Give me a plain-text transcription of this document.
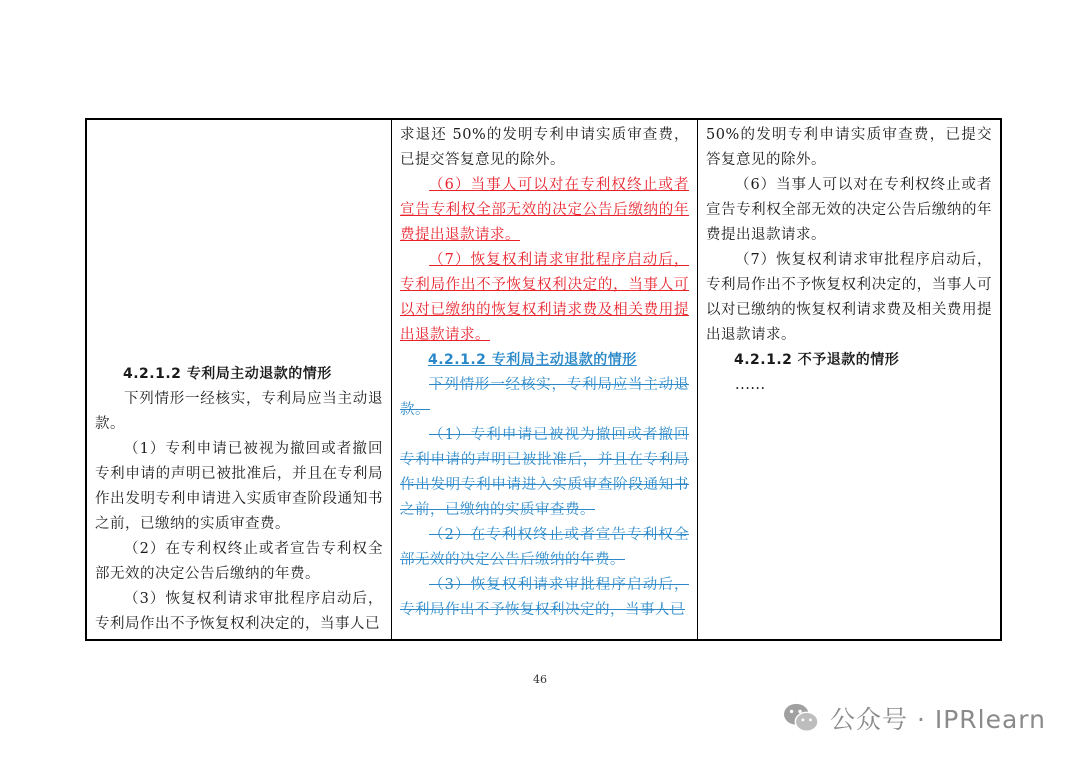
4.2.1.2 专利局主动退款的情形

下列情形一经核实，专利局应当主动退款。

（1）专利申请已被视为撤回或者撤回专利申请的声明已被批准后，并且在专利局作出发明专利申请进入实质审查阶段通知书之前，已缴纳的实质审查费。

（2）在专利权终止或者宣告专利权全部无效的决定公告后缴纳的年费。

（3）恢复权利请求审批程序启动后，专利局作出不予恢复权利决定的，当事人已

求退还 50%的发明专利申请实质审查费，已提交答复意见的除外。

（6）当事人可以对在专利权终止或者宣告专利权全部无效的决定公告后缴纳的年费提出退款请求。

（7）恢复权利请求审批程序启动后，专利局作出不予恢复权利决定的，当事人可以对已缴纳的恢复权利请求费及相关费用提出退款请求。

4.2.1.2 专利局主动退款的情形

下列情形一经核实，专利局应当主动退款。

（1）专利申请已被视为撤回或者撤回专利申请的声明已被批准后，并且在专利局作出发明专利申请进入实质审查阶段通知书之前，已缴纳的实质审查费。

（2）在专利权终止或者宣告专利权全部无效的决定公告后缴纳的年费。

（3）恢复权利请求审批程序启动后，专利局作出不予恢复权利决定的，当事人已

50%的发明专利申请实质审查费，已提交答复意见的除外。

（6）当事人可以对在专利权终止或者宣告专利权全部无效的决定公告后缴纳的年费提出退款请求。

（7）恢复权利请求审批程序启动后，专利局作出不予恢复权利决定的，当事人可以对已缴纳的恢复权利请求费及相关费用提出退款请求。

4.2.1.2 不予退款的情形

......

46
公众号 · IPRlearn
